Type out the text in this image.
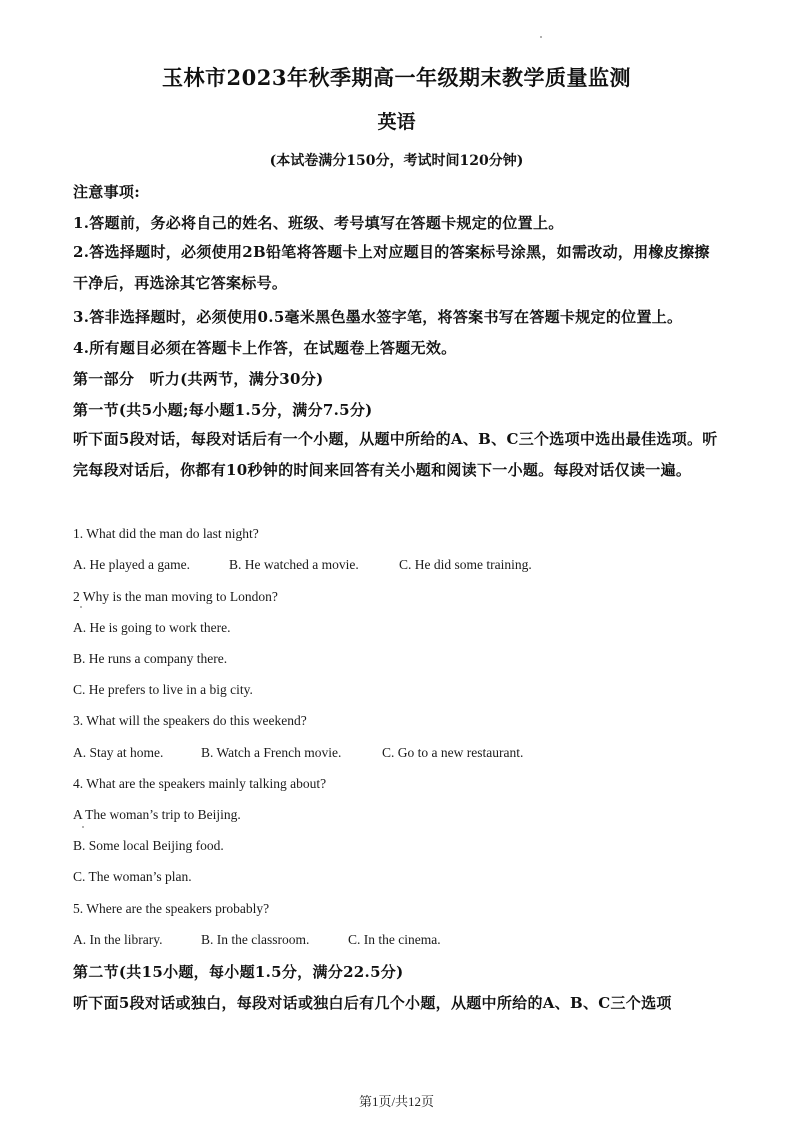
玉林市2023年秋季期高一年级期末教学质量监测
英语
(本试卷满分150分，考试时间120分钟)
注意事项:
1.答题前，务必将自己的姓名、班级、考号填写在答题卡规定的位置上。
2.答选择题时，必须使用2B铅笔将答题卡上对应题目的答案标号涂黑，如需改动，用橡皮擦擦干净后，再选涂其它答案标号。
3.答非选择题时，必须使用0.5毫米黑色墨水签字笔，将答案书写在答题卡规定的位置上。
4.所有题目必须在答题卡上作答，在试题卷上答题无效。
第一部分　听力(共两节，满分30分)
第一节(共5小题;每小题1.5分，满分7.5分)
听下面5段对话，每段对话后有一个小题，从题中所给的A、B、C三个选项中选出最佳选项。听完每段对话后，你都有10秒钟的时间来回答有关小题和阅读下一小题。每段对话仅读一遍。
1. What did the man do last night?
A. He played a game.	B. He watched a movie.	C. He did some training.
2 Why is the man moving to London?
A. He is going to work there.
B. He runs a company there.
C. He prefers to live in a big city.
3. What will the speakers do this weekend?
A. Stay at home.	B. Watch a French movie.	C. Go to a new restaurant.
4. What are the speakers mainly talking about?
A The woman’s trip to Beijing.
B. Some local Beijing food.
C. The woman’s plan.
5. Where are the speakers probably?
A. In the library.	B. In the classroom.	C. In the cinema.
第二节(共15小题，每小题1.5分，满分22.5分)
听下面5段对话或独白，每段对话或独白后有几个小题，从题中所给的A、B、C三个选项
第1页/共12页
